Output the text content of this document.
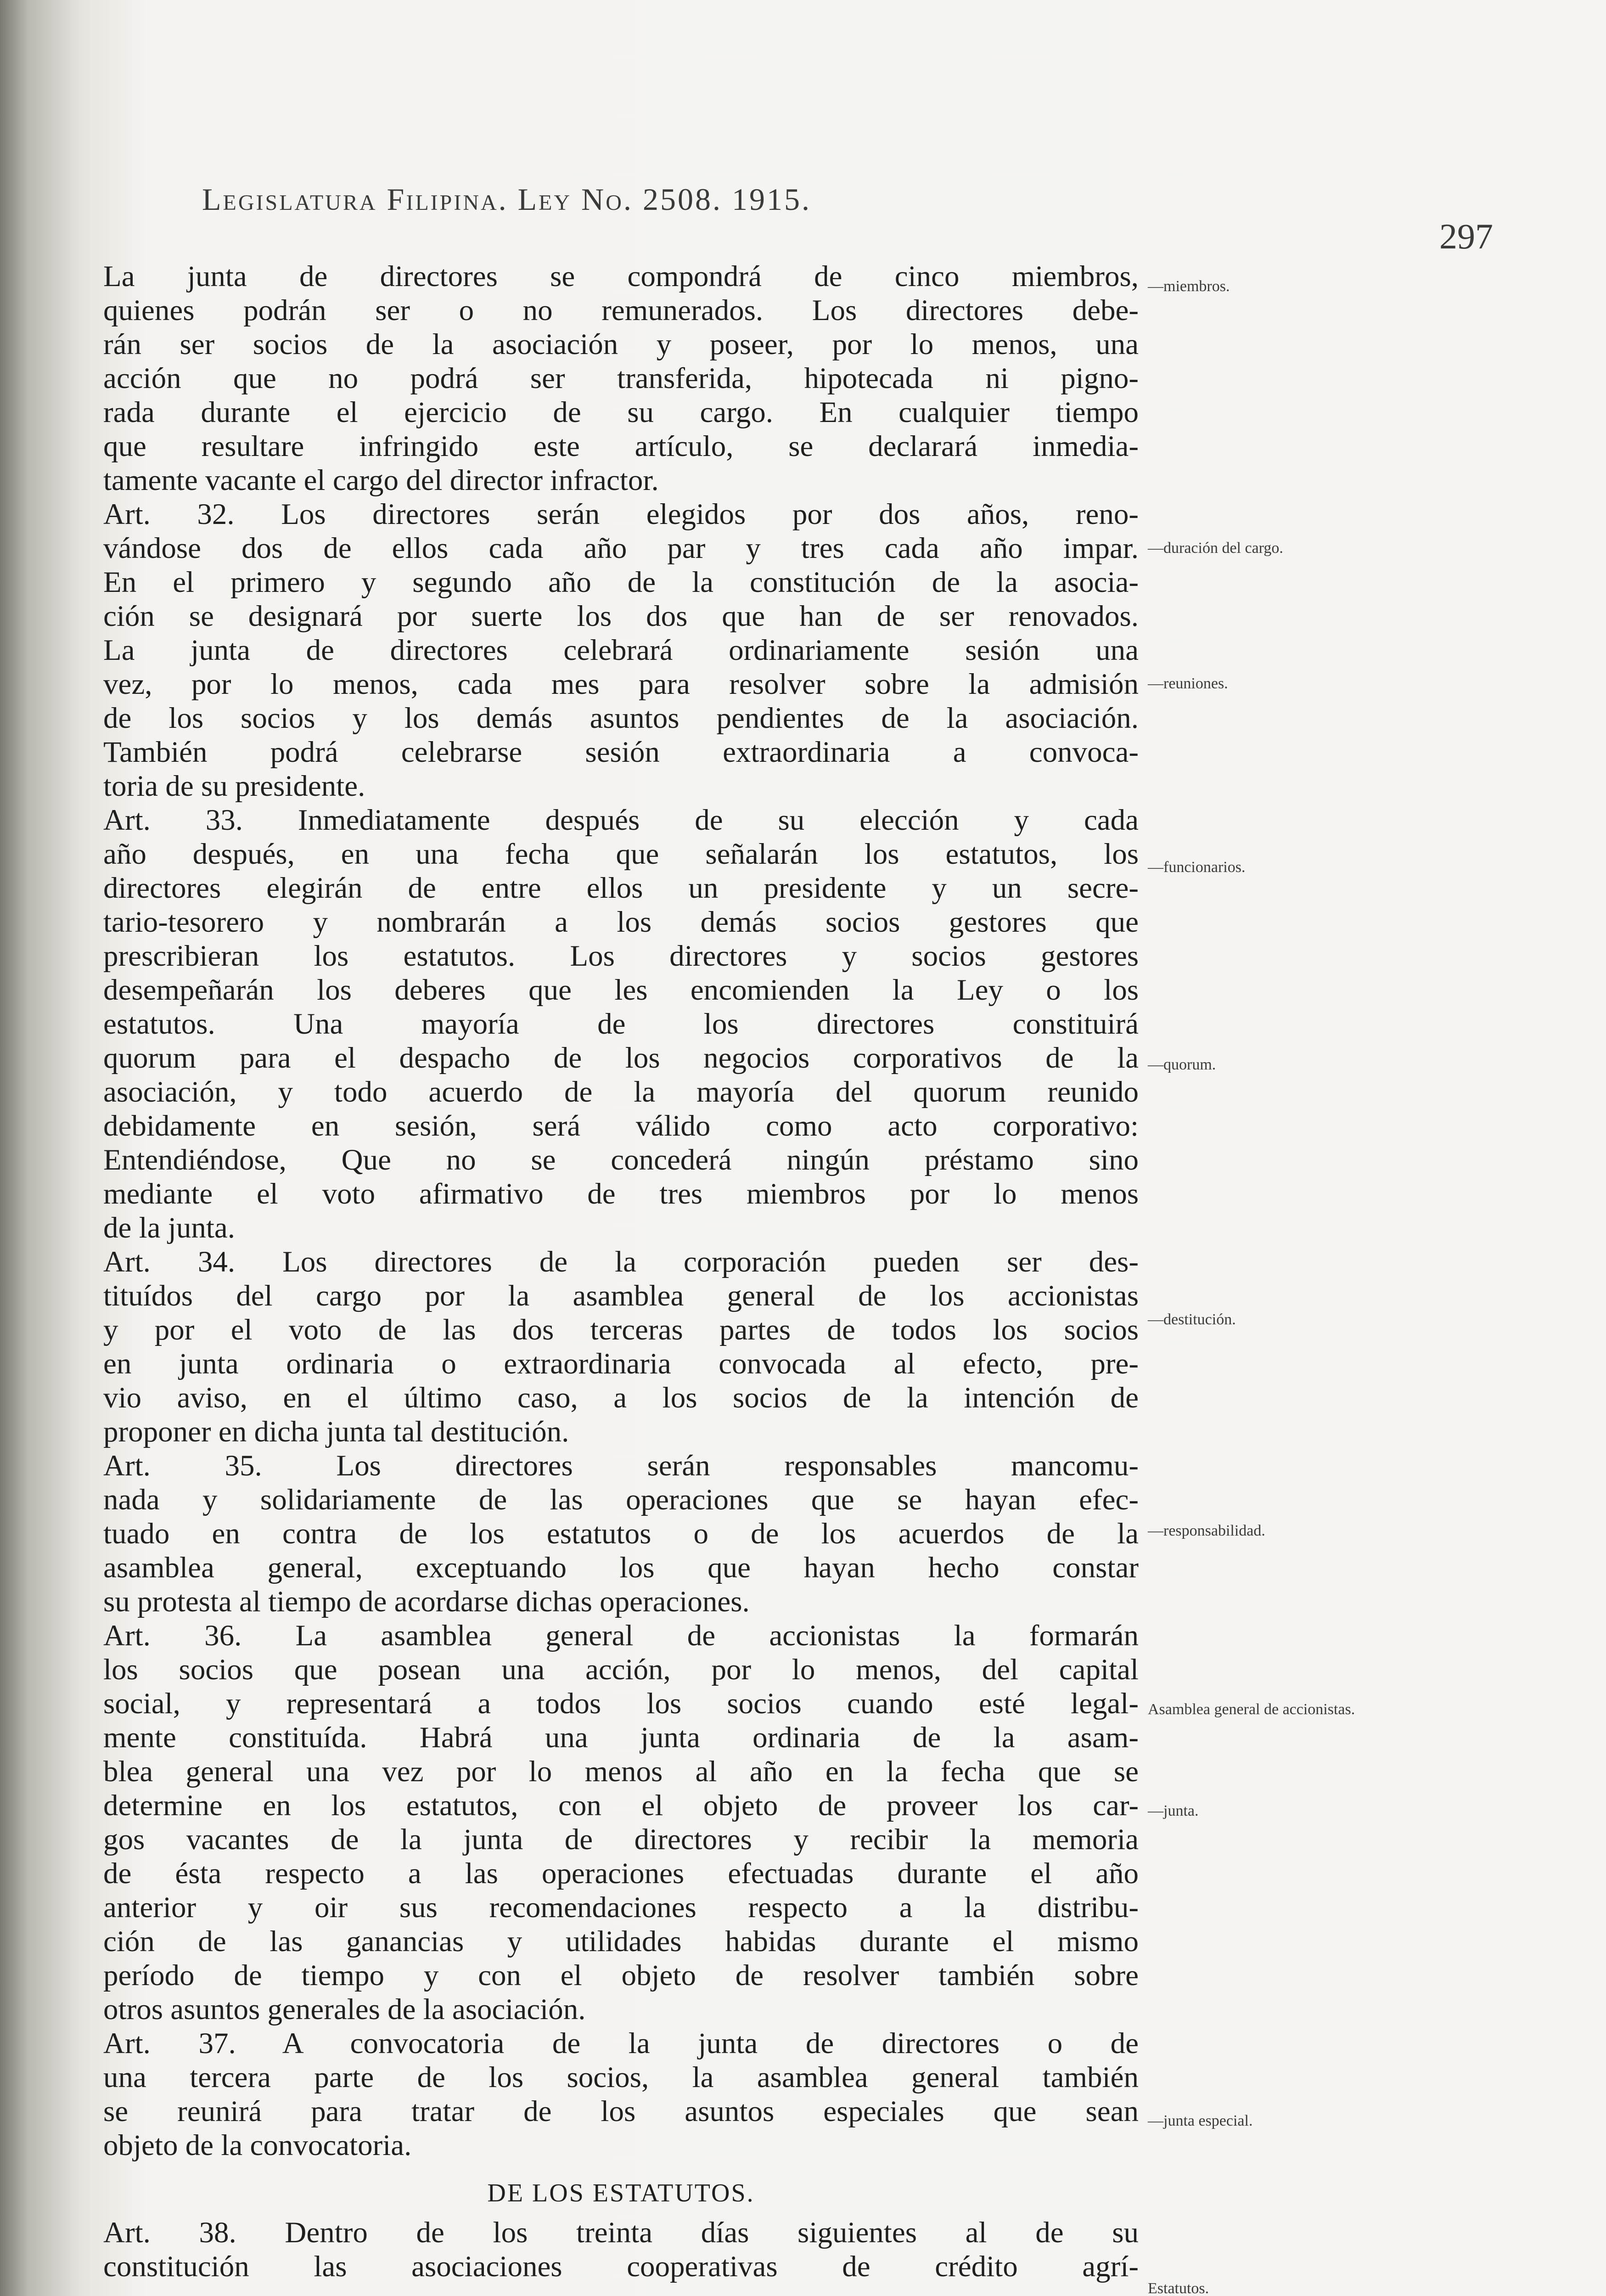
Legislatura Filipina. Ley No. 2508. 1915.
297
La junta de directores se compondrá de cinco miembros,
quienes podrán ser o no remunerados. Los directores debe-
rán ser socios de la asociación y poseer, por lo menos, una
acción que no podrá ser transferida, hipotecada ni pigno-
rada durante el ejercicio de su cargo. En cualquier tiempo
que resultare infringido este artículo, se declarará inmedia-
tamente vacante el cargo del director infractor.
Art. 32. Los directores serán elegidos por dos años, reno-
vándose dos de ellos cada año par y tres cada año impar.
En el primero y segundo año de la constitución de la asocia-
ción se designará por suerte los dos que han de ser renovados.
La junta de directores celebrará ordinariamente sesión una
vez, por lo menos, cada mes para resolver sobre la admisión
de los socios y los demás asuntos pendientes de la asociación.
También podrá celebrarse sesión extraordinaria a convoca-
toria de su presidente.
Art. 33. Inmediatamente después de su elección y cada
año después, en una fecha que señalarán los estatutos, los
directores elegirán de entre ellos un presidente y un secre-
tario-tesorero y nombrarán a los demás socios gestores que
prescribieran los estatutos. Los directores y socios gestores
desempeñarán los deberes que les encomienden la Ley o los
estatutos. Una mayoría de los directores constituirá
quorum para el despacho de los negocios corporativos de la
asociación, y todo acuerdo de la mayoría del quorum reunido
debidamente en sesión, será válido como acto corporativo:
Entendiéndose, Que no se concederá ningún préstamo sino
mediante el voto afirmativo de tres miembros por lo menos
de la junta.
Art. 34. Los directores de la corporación pueden ser des-
tituídos del cargo por la asamblea general de los accionistas
y por el voto de las dos terceras partes de todos los socios
en junta ordinaria o extraordinaria convocada al efecto, pre-
vio aviso, en el último caso, a los socios de la intención de
proponer en dicha junta tal destitución.
Art. 35. Los directores serán responsables mancomu-
nada y solidariamente de las operaciones que se hayan efec-
tuado en contra de los estatutos o de los acuerdos de la
asamblea general, exceptuando los que hayan hecho constar
su protesta al tiempo de acordarse dichas operaciones.
Art. 36. La asamblea general de accionistas la formarán
los socios que posean una acción, por lo menos, del capital
social, y representará a todos los socios cuando esté legal-
mente constituída. Habrá una junta ordinaria de la asam-
blea general una vez por lo menos al año en la fecha que se
determine en los estatutos, con el objeto de proveer los car-
gos vacantes de la junta de directores y recibir la memoria
de ésta respecto a las operaciones efectuadas durante el año
anterior y oir sus recomendaciones respecto a la distribu-
ción de las ganancias y utilidades habidas durante el mismo
período de tiempo y con el objeto de resolver también sobre
otros asuntos generales de la asociación.
Art. 37. A convocatoria de la junta de directores o de
una tercera parte de los socios, la asamblea general también
se reunirá para tratar de los asuntos especiales que sean
objeto de la convocatoria.
DE LOS ESTATUTOS.
Art. 38. Dentro de los treinta días siguientes al de su
constitución las asociaciones cooperativas de crédito agrí-
—miembros.
—duración del cargo.
—reuniones.
—funcionarios.
—quorum.
—destitución.
—responsabilidad.
Asamblea general de accionistas.
—junta.
—junta especial.
Estatutos.
